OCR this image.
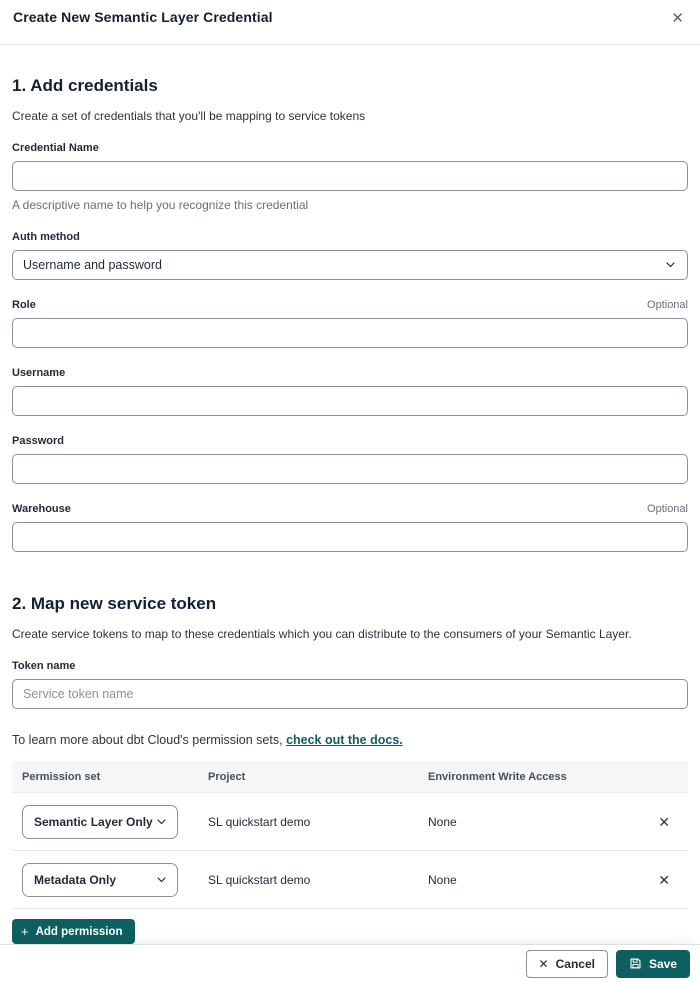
Create New Semantic Layer Credential	✕
1. Add credentials
Create a set of credentials that you'll be mapping to service tokens
Credential Name
A descriptive name to help you recognize this credential
Auth method
Username and password
Role	Optional
Username
Password
Warehouse	Optional
2. Map new service token
Create service tokens to map to these credentials which you can distribute to the consumers of your Semantic Layer.
Token name
Service token name
To learn more about dbt Cloud's permission sets, check out the docs.
Permission set	Project	Environment Write Access
Semantic Layer Only	SL quickstart demo	None	✕
Metadata Only	SL quickstart demo	None	✕
+ Add permission
✕ Cancel	Save
